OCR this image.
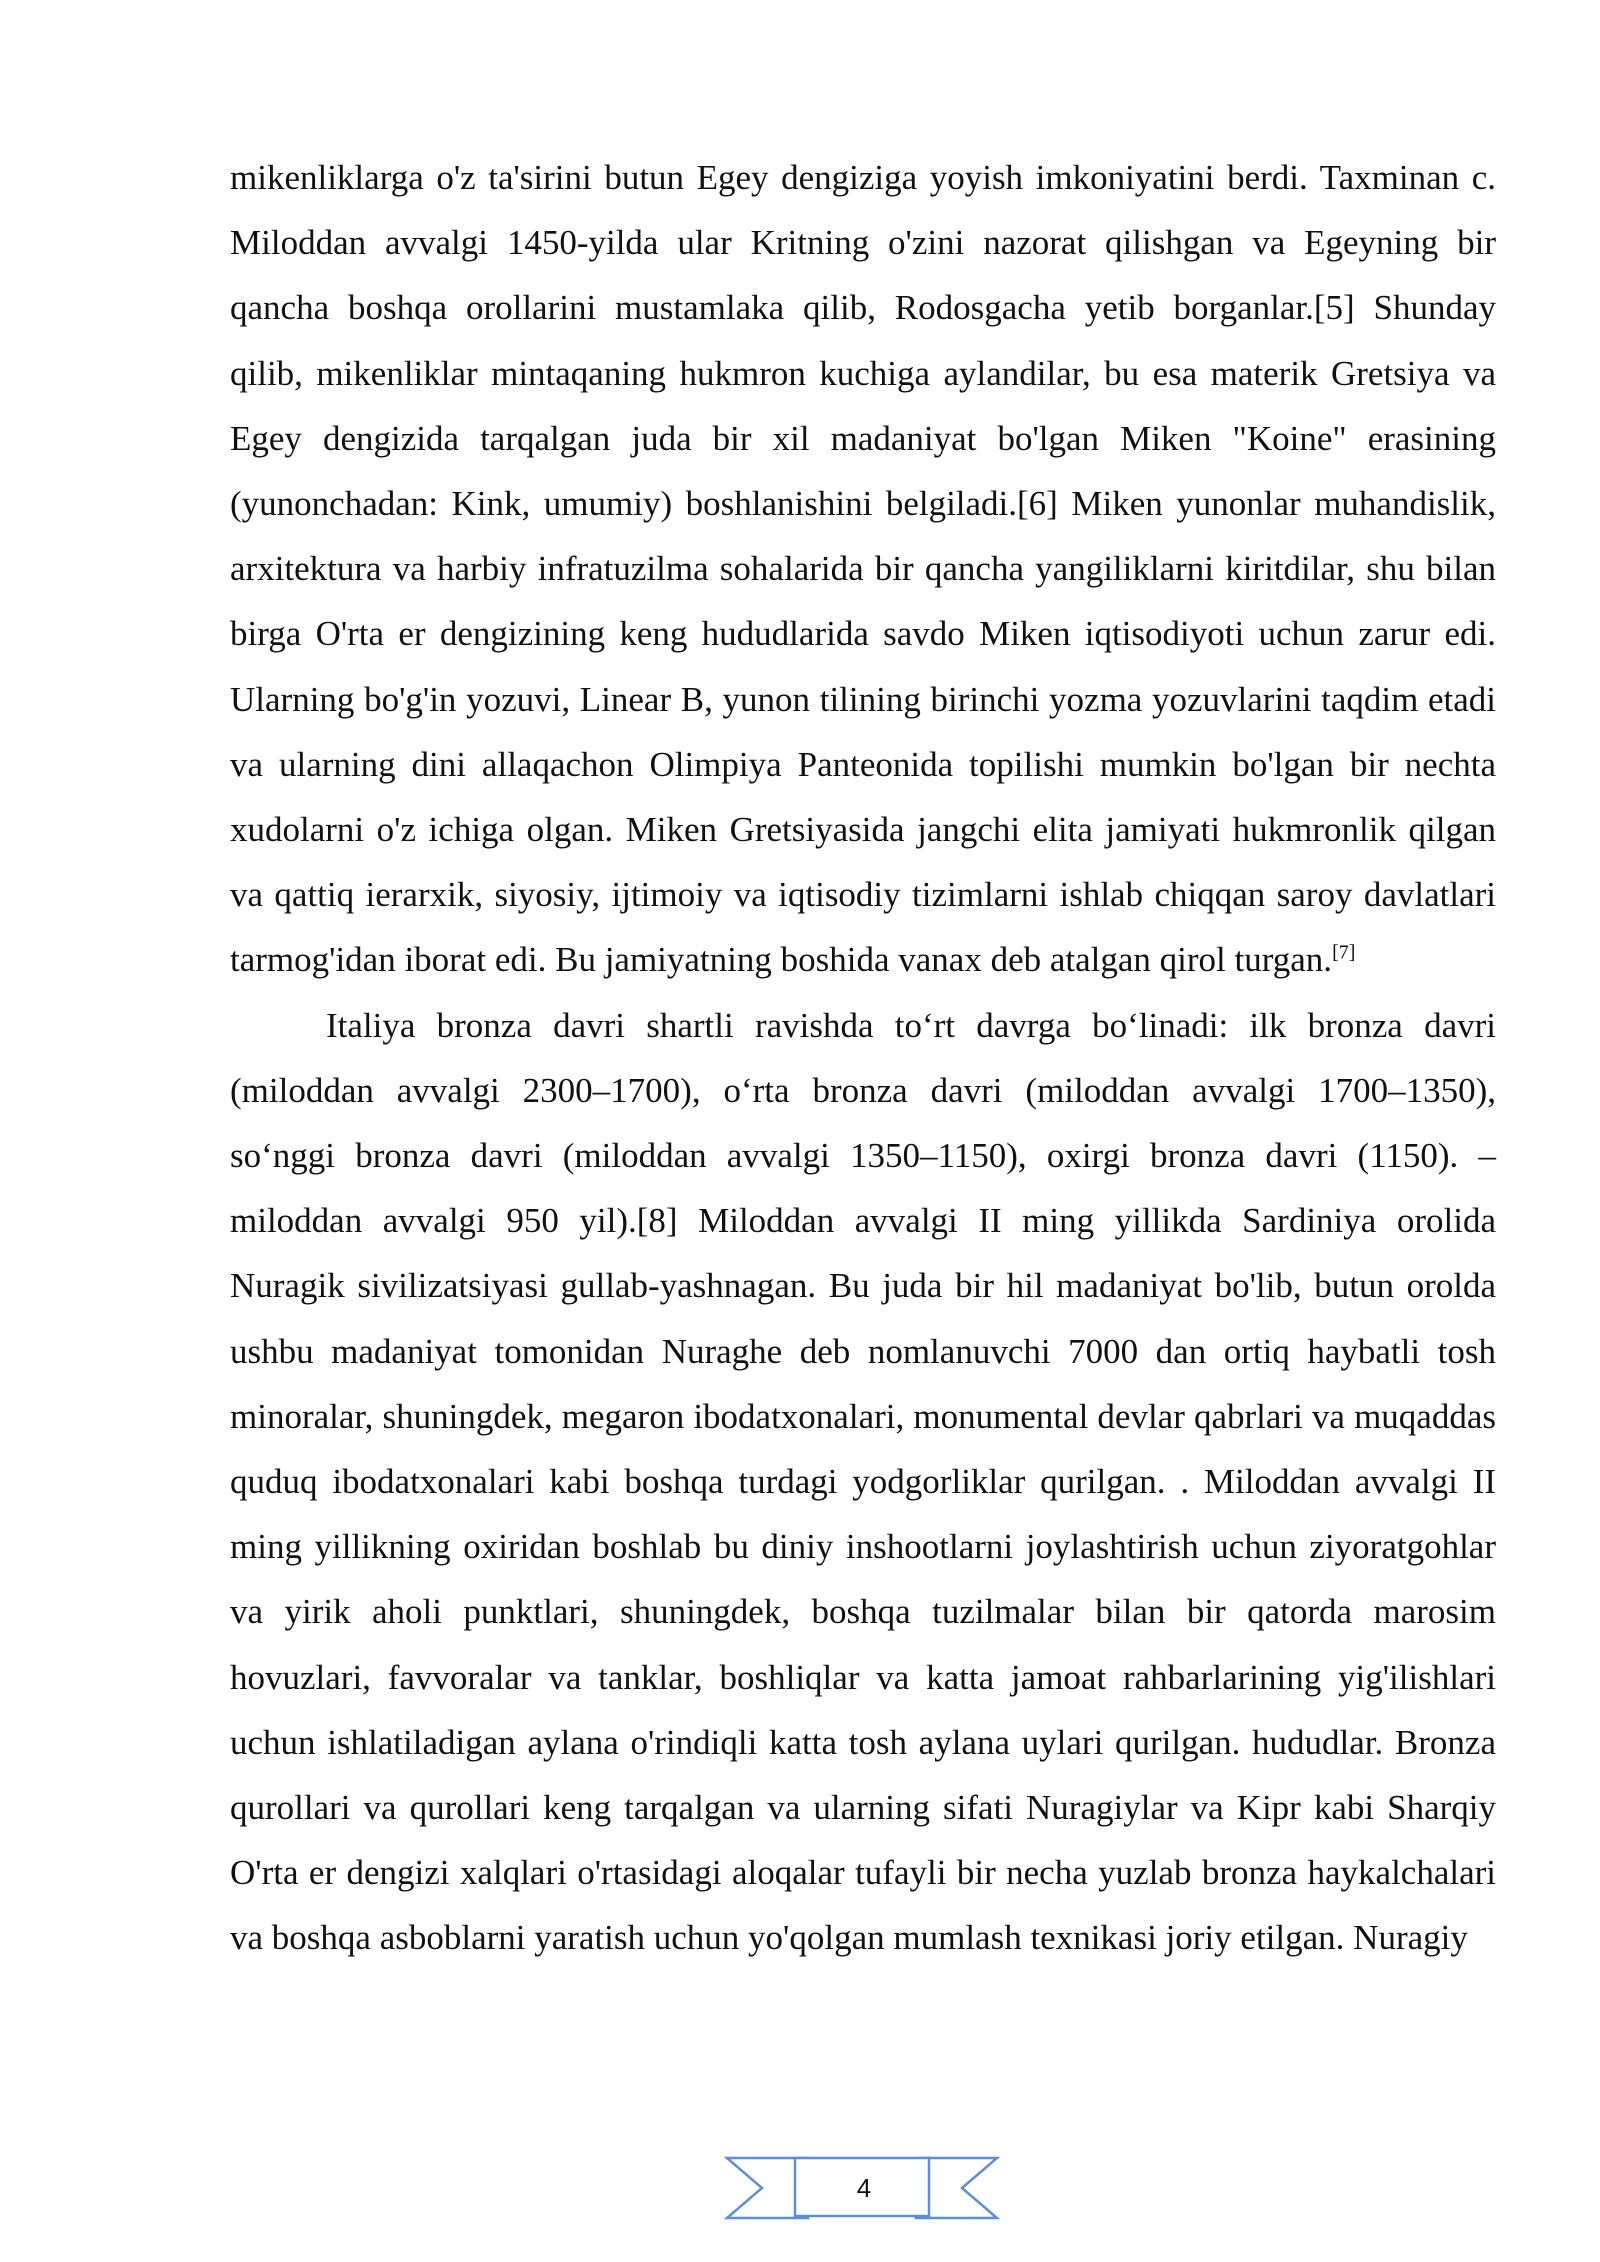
mikenliklarga o'z ta'sirini butun Egey dengiziga yoyish imkoniyatini berdi. Taxminan c. Miloddan avvalgi 1450-yilda ular Kritning o'zini nazorat qilishgan va Egeyning bir qancha boshqa orollarini mustamlaka qilib, Rodosgacha yetib borganlar.[5] Shunday qilib, mikenliklar mintaqaning hukmron kuchiga aylandilar, bu esa materik Gretsiya va Egey dengizida tarqalgan juda bir xil madaniyat bo'lgan Miken "Koine" erasining (yunonchadan: Kink, umumiy) boshlanishini belgiladi.[6] Miken yunonlar muhandislik, arxitektura va harbiy infratuzilma sohalarida bir qancha yangiliklarni kiritdilar, shu bilan birga O'rta er dengizining keng hududlarida savdo Miken iqtisodiyoti uchun zarur edi. Ularning bo'g'in yozuvi, Linear B, yunon tilining birinchi yozma yozuvlarini taqdim etadi va ularning dini allaqachon Olimpiya Panteonida topilishi mumkin bo'lgan bir nechta xudolarni o'z ichiga olgan. Miken Gretsiyasida jangchi elita jamiyati hukmronlik qilgan va qattiq ierarxik, siyosiy, ijtimoiy va iqtisodiy tizimlarni ishlab chiqqan saroy davlatlari tarmog'idan iborat edi. Bu jamiyatning boshida vanax deb atalgan qirol turgan.[7]

Italiya bronza davri shartli ravishda to‘rt davrga bo‘linadi: ilk bronza davri (miloddan avvalgi 2300–1700), o‘rta bronza davri (miloddan avvalgi 1700–1350), so‘nggi bronza davri (miloddan avvalgi 1350–1150), oxirgi bronza davri (1150). – miloddan avvalgi 950 yil).[8] Miloddan avvalgi II ming yillikda Sardiniya orolida Nuragik sivilizatsiyasi gullab-yashnagan. Bu juda bir hil madaniyat bo'lib, butun orolda ushbu madaniyat tomonidan Nuraghe deb nomlanuvchi 7000 dan ortiq haybatli tosh minoralar, shuningdek, megaron ibodatxonalari, monumental devlar qabrlari va muqaddas quduq ibodatxonalari kabi boshqa turdagi yodgorliklar qurilgan. . Miloddan avvalgi II ming yillikning oxiridan boshlab bu diniy inshootlarni joylashtirish uchun ziyoratgohlar va yirik aholi punktlari, shuningdek, boshqa tuzilmalar bilan bir qatorda marosim hovuzlari, favvoralar va tanklar, boshliqlar va katta jamoat rahbarlarining yig'ilishlari uchun ishlatiladigan aylana o'rindiqli katta tosh aylana uylari qurilgan. hududlar. Bronza qurollari va qurollari keng tarqalgan va ularning sifati Nuragiylar va Kipr kabi Sharqiy O'rta er dengizi xalqlari o'rtasidagi aloqalar tufayli bir necha yuzlab bronza haykalchalari va boshqa asboblarni yaratish uchun yo'qolgan mumlash texnikasi joriy etilgan. Nuragiy

4
